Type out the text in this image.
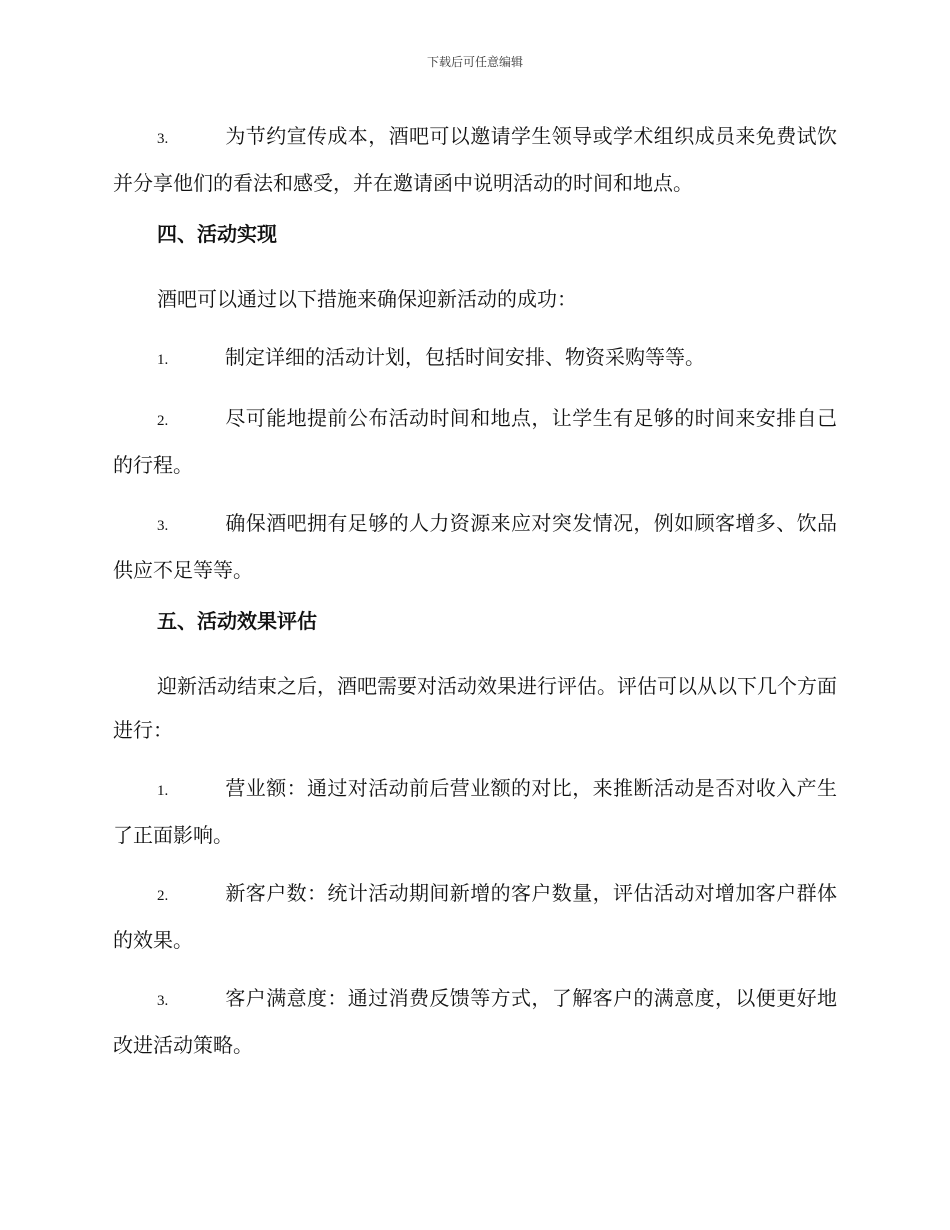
下载后可任意编辑

3.	为节约宣传成本，酒吧可以邀请学生领导或学术组织成员来免费试饮并分享他们的看法和感受，并在邀请函中说明活动的时间和地点。

四、活动实现

酒吧可以通过以下措施来确保迎新活动的成功：

1.	制定详细的活动计划，包括时间安排、物资采购等等。

2.	尽可能地提前公布活动时间和地点，让学生有足够的时间来安排自己的行程。

3.	确保酒吧拥有足够的人力资源来应对突发情况，例如顾客增多、饮品供应不足等等。

五、活动效果评估

迎新活动结束之后，酒吧需要对活动效果进行评估。评估可以从以下几个方面进行：

1.	营业额：通过对活动前后营业额的对比，来推断活动是否对收入产生了正面影响。

2.	新客户数：统计活动期间新增的客户数量，评估活动对增加客户群体的效果。

3.	客户满意度：通过消费反馈等方式，了解客户的满意度，以便更好地改进活动策略。
